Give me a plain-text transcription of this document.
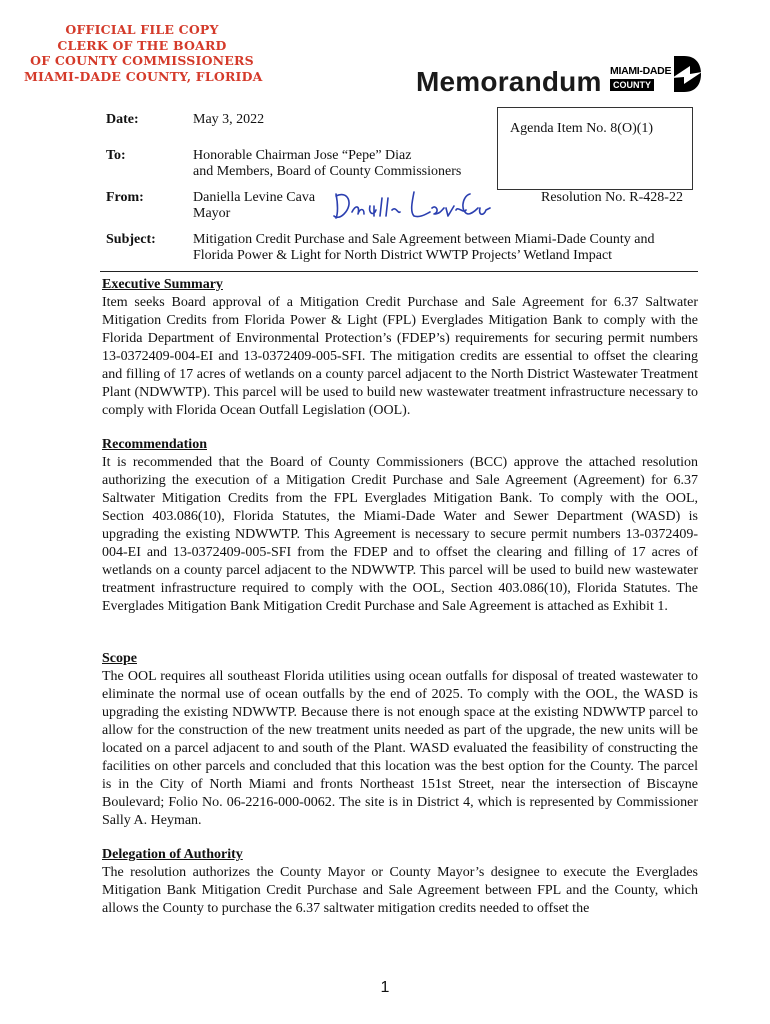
OFFICIAL FILE COPY
CLERK OF THE BOARD
OF COUNTY COMMISSIONERS
MIAMI-DADE COUNTY, FLORIDA	Memorandum MIAMI-DADE
COUNTY
Date:	May 3, 2022
Agenda Item No. 8(O)(1)
To:	Honorable Chairman Jose “Pepe” Diaz
and Members, Board of County Commissioners
From:	Daniella Levine Cava
Mayor
Resolution No. R-428-22
Subject:	Mitigation Credit Purchase and Sale Agreement between Miami-Dade County and
Florida Power & Light for North District WWTP Projects’ Wetland Impact
Executive Summary

Item seeks Board approval of a Mitigation Credit Purchase and Sale Agreement for 6.37 Saltwater Mitigation Credits from Florida Power & Light (FPL) Everglades Mitigation Bank to comply with the Florida Department of Environmental Protection’s (FDEP’s) requirements for securing permit numbers 13-0372409-004-EI and 13-0372409-005-SFI. The mitigation credits are essential to offset the clearing and filling of 17 acres of wetlands on a county parcel adjacent to the North District Wastewater Treatment Plant (NDWWTP). This parcel will be used to build new wastewater treatment infrastructure necessary to comply with Florida Ocean Outfall Legislation (OOL).

Recommendation

It is recommended that the Board of County Commissioners (BCC) approve the attached resolution authorizing the execution of a Mitigation Credit Purchase and Sale Agreement (Agreement) for 6.37 Saltwater Mitigation Credits from the FPL Everglades Mitigation Bank. To comply with the OOL, Section 403.086(10), Florida Statutes, the Miami-Dade Water and Sewer Department (WASD) is upgrading the existing NDWWTP. This Agreement is necessary to secure permit numbers 13-0372409-004-EI and 13-0372409-005-SFI from the FDEP and to offset the clearing and filling of 17 acres of wetlands on a county parcel adjacent to the NDWWTP. This parcel will be used to build new wastewater treatment infrastructure required to comply with the OOL, Section 403.086(10), Florida Statutes. The Everglades Mitigation Bank Mitigation Credit Purchase and Sale Agreement is attached as Exhibit 1.

Scope

The OOL requires all southeast Florida utilities using ocean outfalls for disposal of treated wastewater to eliminate the normal use of ocean outfalls by the end of 2025. To comply with the OOL, the WASD is upgrading the existing NDWWTP. Because there is not enough space at the existing NDWWTP parcel to allow for the construction of the new treatment units needed as part of the upgrade, the new units will be located on a parcel adjacent to and south of the Plant. WASD evaluated the feasibility of constructing the facilities on other parcels and concluded that this location was the best option for the County. The parcel is in the City of North Miami and fronts Northeast 151st Street, near the intersection of Biscayne Boulevard; Folio No. 06-2216-000-0062. The site is in District 4, which is represented by Commissioner Sally A. Heyman.

Delegation of Authority

The resolution authorizes the County Mayor or County Mayor’s designee to execute the Everglades Mitigation Bank Mitigation Credit Purchase and Sale Agreement between FPL and the County, which allows the County to purchase the 6.37 saltwater mitigation credits needed to offset the

1
